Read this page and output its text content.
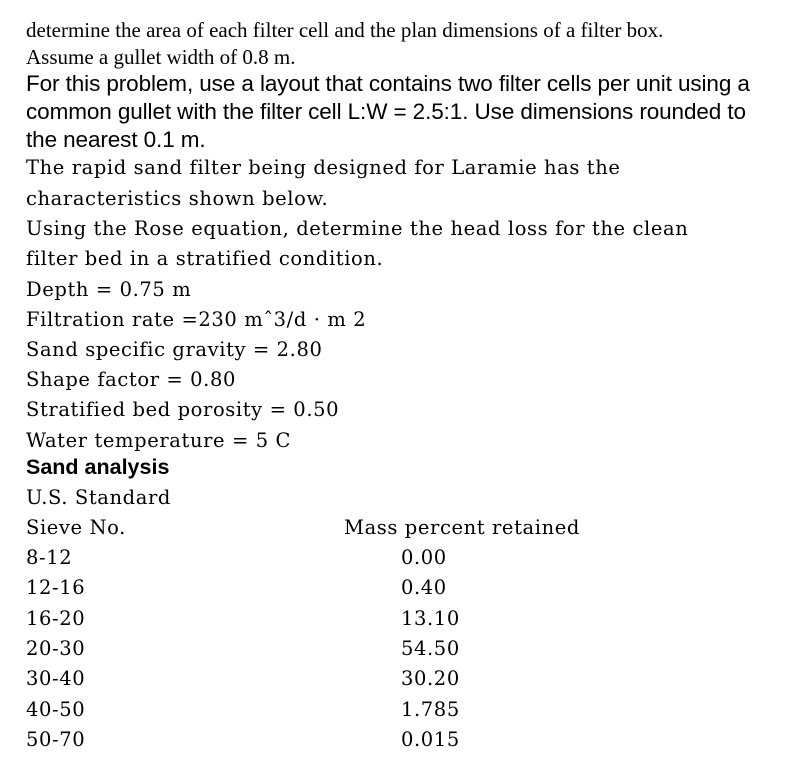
determine the area of each filter cell and the plan dimensions of a filter box.
Assume a gullet width of 0.8 m.
For this problem, use a layout that contains two filter cells per unit using a
common gullet with the filter cell L:W = 2.5:1. Use dimensions rounded to
the nearest 0.1 m.
The rapid sand filter being designed for Laramie has the
characteristics shown below.
Using the Rose equation, determine the head loss for the clean
filter bed in a stratified condition.
Depth = 0.75 m
Filtration rate =230 mˆ3/d · m 2
Sand specific gravity = 2.80
Shape factor = 0.80
Stratified bed porosity = 0.50
Water temperature = 5 C
Sand analysis
U.S. Standard
Sieve No.	Mass percent retained
8-12	0.00
12-16	0.40
16-20	13.10
20-30	54.50
30-40	30.20
40-50	1.785
50-70	0.015
